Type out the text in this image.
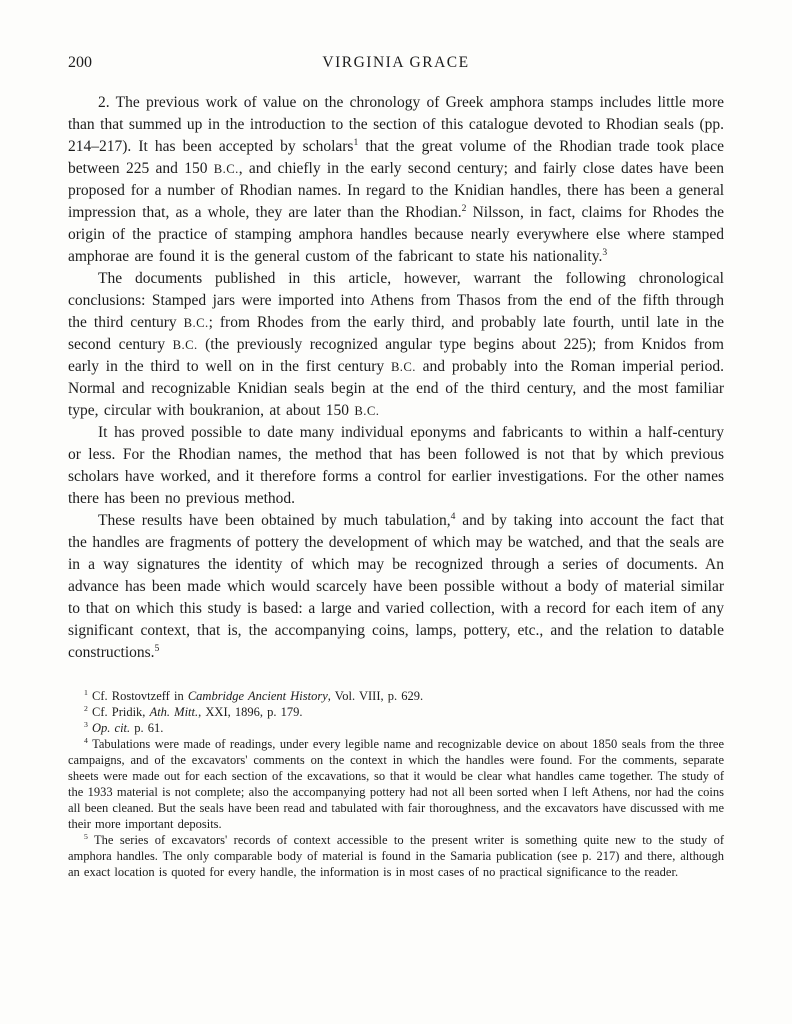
200	VIRGINIA GRACE

2. The previous work of value on the chronology of Greek amphora stamps includes little more than that summed up in the introduction to the section of this catalogue devoted to Rhodian seals (pp. 214–217). It has been accepted by scholars$^1$ that the great volume of the Rhodian trade took place between 225 and 150 B.C., and chiefly in the early second century; and fairly close dates have been proposed for a number of Rhodian names. In regard to the Knidian handles, there has been a general impression that, as a whole, they are later than the Rhodian.$^2$ Nilsson, in fact, claims for Rhodes the origin of the practice of stamping amphora handles because nearly everywhere else where stamped amphorae are found it is the general custom of the fabricant to state his nationality.$^3$

The documents published in this article, however, warrant the following chronological conclusions: Stamped jars were imported into Athens from Thasos from the end of the fifth through the third century B.C.; from Rhodes from the early third, and probably late fourth, until late in the second century B.C. (the previously recognized angular type begins about 225); from Knidos from early in the third to well on in the first century B.C. and probably into the Roman imperial period. Normal and recognizable Knidian seals begin at the end of the third century, and the most familiar type, circular with boukranion, at about 150 B.C.

It has proved possible to date many individual eponyms and fabricants to within a half-century or less. For the Rhodian names, the method that has been followed is not that by which previous scholars have worked, and it therefore forms a control for earlier investigations. For the other names there has been no previous method.

These results have been obtained by much tabulation,$^4$ and by taking into account the fact that the handles are fragments of pottery the development of which may be watched, and that the seals are in a way signatures the identity of which may be recognized through a series of documents. An advance has been made which would scarcely have been possible without a body of material similar to that on which this study is based: a large and varied collection, with a record for each item of any significant context, that is, the accompanying coins, lamps, pottery, etc., and the relation to datable constructions.$^5$

$^1$ Cf. Rostovtzeff in Cambridge Ancient History, Vol. VIII, p. 629.

$^2$ Cf. Pridik, Ath. Mitt., XXI, 1896, p. 179.

$^3$ Op. cit. p. 61.

$^4$ Tabulations were made of readings, under every legible name and recognizable device on about 1850 seals from the three campaigns, and of the excavators' comments on the context in which the handles were found. For the comments, separate sheets were made out for each section of the excavations, so that it would be clear what handles came together. The study of the 1933 material is not complete; also the accompanying pottery had not all been sorted when I left Athens, nor had the coins all been cleaned. But the seals have been read and tabulated with fair thoroughness, and the excavators have discussed with me their more important deposits.

$^5$ The series of excavators' records of context accessible to the present writer is something quite new to the study of amphora handles. The only comparable body of material is found in the Samaria publication (see p. 217) and there, although an exact location is quoted for every handle, the information is in most cases of no practical significance to the reader.
